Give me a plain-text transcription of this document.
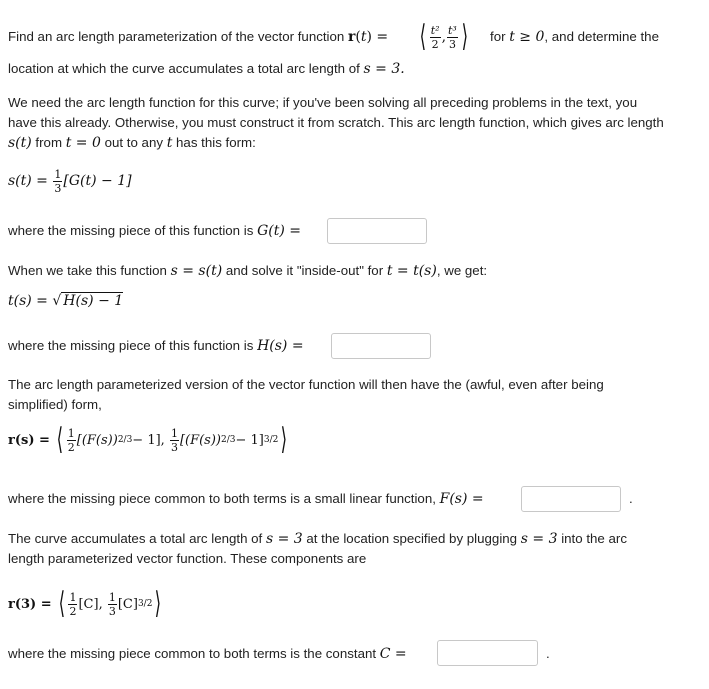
Find an arc length parameterization of the vector function r(t) = ⟨ $\frac{\text{t²}}{2}$ , $\frac{\text{t³}}{3}$ ⟩ for t ≥ 0, and determine the
location at which the curve accumulates a total arc length of s = 3.
We need the arc length function for this curve; if you've been solving all preceding problems in the text, you
have this already. Otherwise, you must construct it from scratch. This arc length function, which gives arc length
s(t) from t = 0 out to any t has this form:
s(t) =
$\frac{1}{3} [G(t) - 1]$
where the missing piece of this function is G(t) =
When we take this function s = s(t) and solve it "inside-out" for t = t(s), we get:
t(s) = √ H(s) − 1
where the missing piece of this function is H(s) =
The arc length parameterized version of the vector function will then have the (awful, even after being
simplified) form,
r(s) =
⟨ $\frac{1}{2} [(F(s)) 2/3 - 1]$,
$\frac{1}{3} [(F(s)) 2/3 - 1]$ 3/2 ⟩
where the missing piece common to both terms is a small linear function, F(s) =	.
The curve accumulates a total arc length of s = 3 at the location specified by plugging s = 3 into the arc
length parameterized vector function. These components are
r(3) =
⟨ $\frac{1}{2} [C]$,
$\frac{1}{3} [C]$ 3/2 ⟩
where the missing piece common to both terms is the constant C =	.
